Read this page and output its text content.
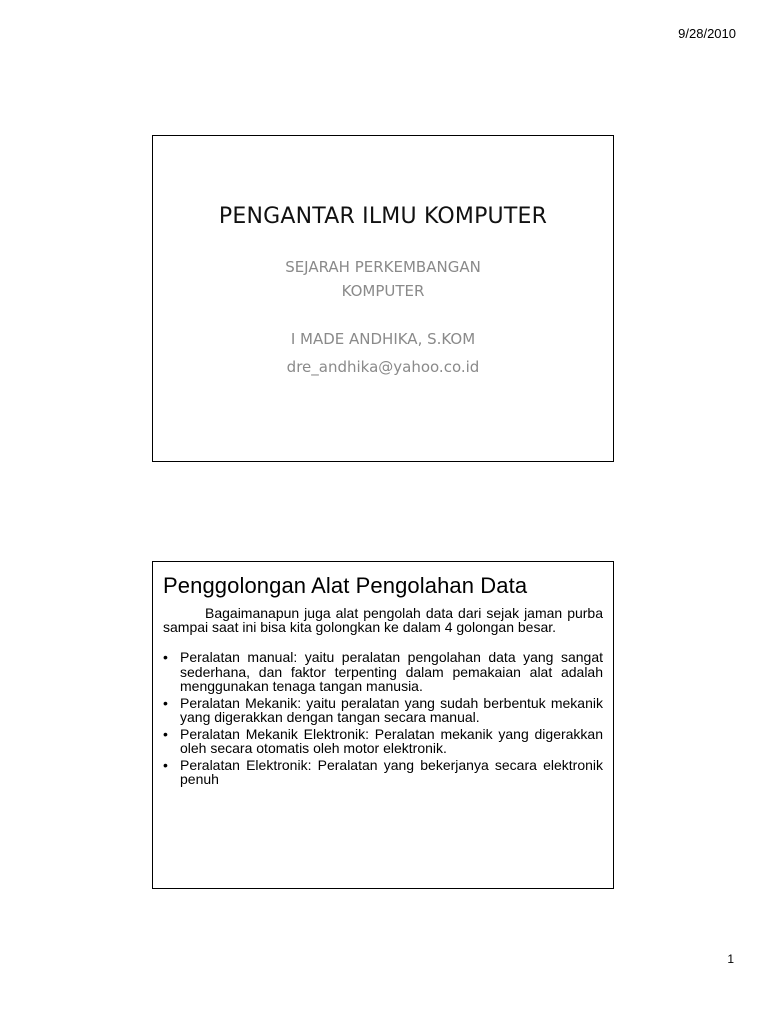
9/28/2010
PENGANTAR ILMU KOMPUTER
SEJARAH PERKEMBANGAN
KOMPUTER
I MADE ANDHIKA, S.KOM
dre_andhika@yahoo.co.id
Penggolongan Alat Pengolahan Data
Bagaimanapun juga alat pengolah data dari sejak jaman purba sampai saat ini bisa kita golongkan ke dalam 4 golongan besar.
• Peralatan manual: yaitu peralatan pengolahan data yang sangat sederhana, dan faktor terpenting dalam pemakaian alat adalah menggunakan tenaga tangan manusia.
• Peralatan Mekanik: yaitu peralatan yang sudah berbentuk mekanik yang digerakkan dengan tangan secara manual.
• Peralatan Mekanik Elektronik: Peralatan mekanik yang digerakkan oleh secara otomatis oleh motor elektronik.
• Peralatan Elektronik: Peralatan yang bekerjanya secara elektronik penuh
1
